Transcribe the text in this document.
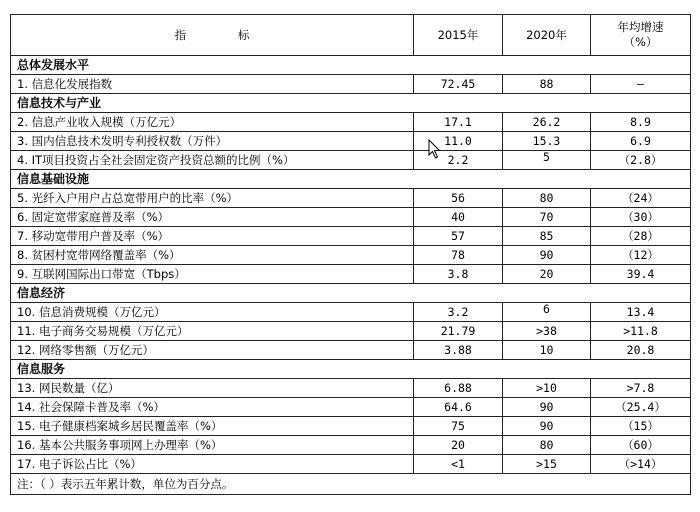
指 标	2015年	2020年	年均增速
（%）

总体发展水平			
1. 信息化发展指数	72.45	88	—
信息技术与产业			
2. 信息产业收入规模（万亿元）	17.1	26.2	8.9
3. 国内信息技术发明专利授权数（万件）	11.0	15.3	6.9
4. IT项目投资占全社会固定资产投资总额的比例（%）	2.2	5	（2.8）
信息基础设施			
5. 光纤入户用户占总宽带用户的比率（%）	56	80	（24）
6. 固定宽带家庭普及率（%）	40	70	（30）
7. 移动宽带用户普及率（%）	57	85	（28）
8. 贫困村宽带网络覆盖率（%）	78	90	（12）
9. 互联网国际出口带宽（Tbps）	3.8	20	39.4
信息经济			
10. 信息消费规模（万亿元）	3.2	6	13.4
11. 电子商务交易规模（万亿元）	21.79	>38	>11.8
12. 网络零售额（万亿元）	3.88	10	20.8
信息服务			
13. 网民数量（亿）	6.88	>10	>7.8
14. 社会保障卡普及率（%）	64.6	90	（25.4）
15. 电子健康档案城乡居民覆盖率（%）	75	90	（15）
16. 基本公共服务事项网上办理率（%）	20	80	（60）
17. 电子诉讼占比（%）	<1	>15	（>14）
注：（ ）表示五年累计数，单位为百分点。			
